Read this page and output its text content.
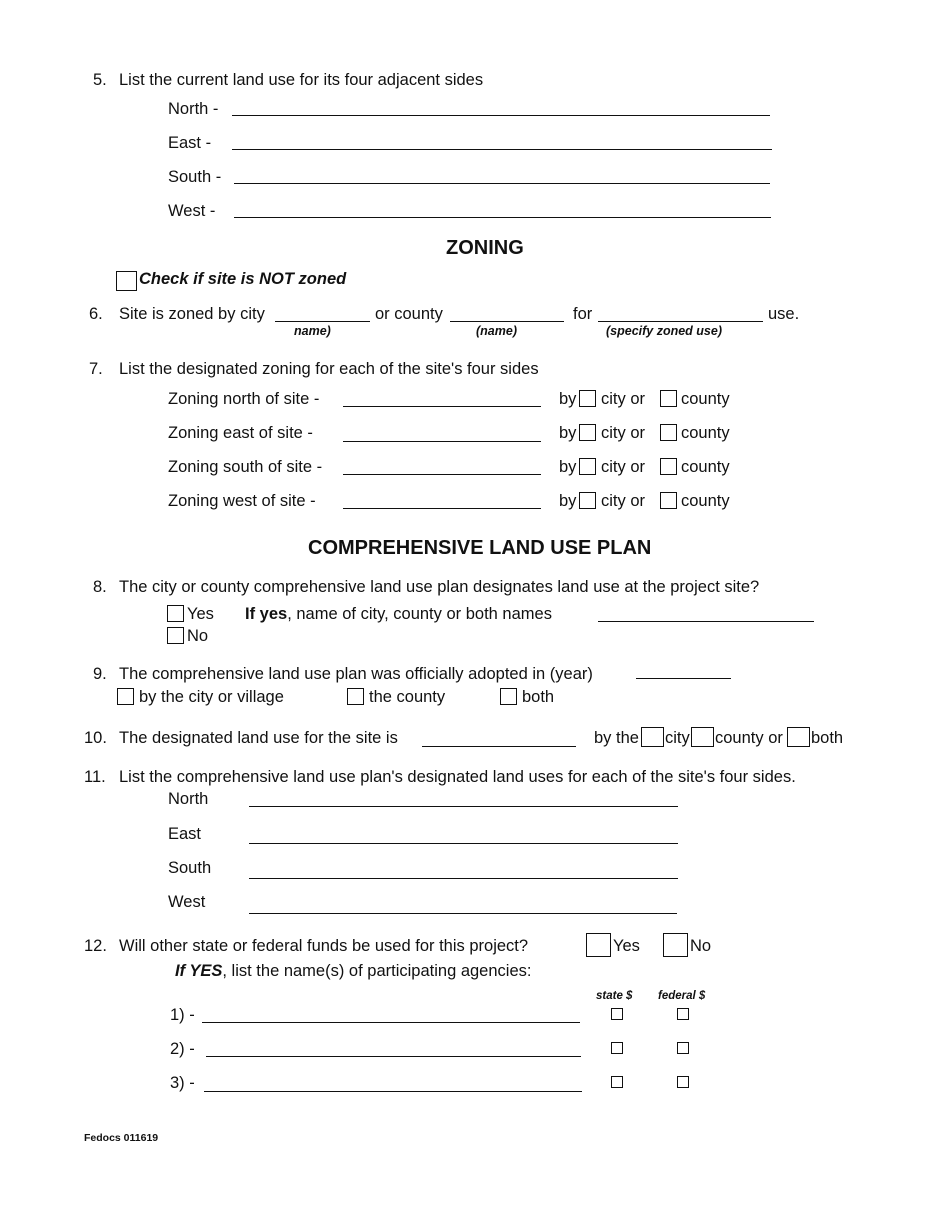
5. List the current land use for its four adjacent sides
North -
East -
South -
West -
ZONING
Check if site is NOT zoned
6. Site is zoned by city	or county	for	use.
name)	(name)	(specify zoned use)
7. List the designated zoning for each of the site's four sides
Zoning north of site -	by city or county
Zoning east of site -	by city or county
Zoning south of site -	by city or county
Zoning west of site -	by city or county
COMPREHENSIVE LAND USE PLAN
8. The city or county comprehensive land use plan designates land use at the project site?
Yes If yes, name of city, county or both names
No
9. The comprehensive land use plan was officially adopted in (year)
by the city or village	the county	both
10. The designated land use for the site is	by the city county or both
11. List the comprehensive land use plan's designated land uses for each of the site's four sides.
North
East
South
West
12. Will other state or federal funds be used for this project?	Yes	No
If YES, list the name(s) of participating agencies:
state $ federal $
1) -
2) -
3) -
Fedocs 011619
